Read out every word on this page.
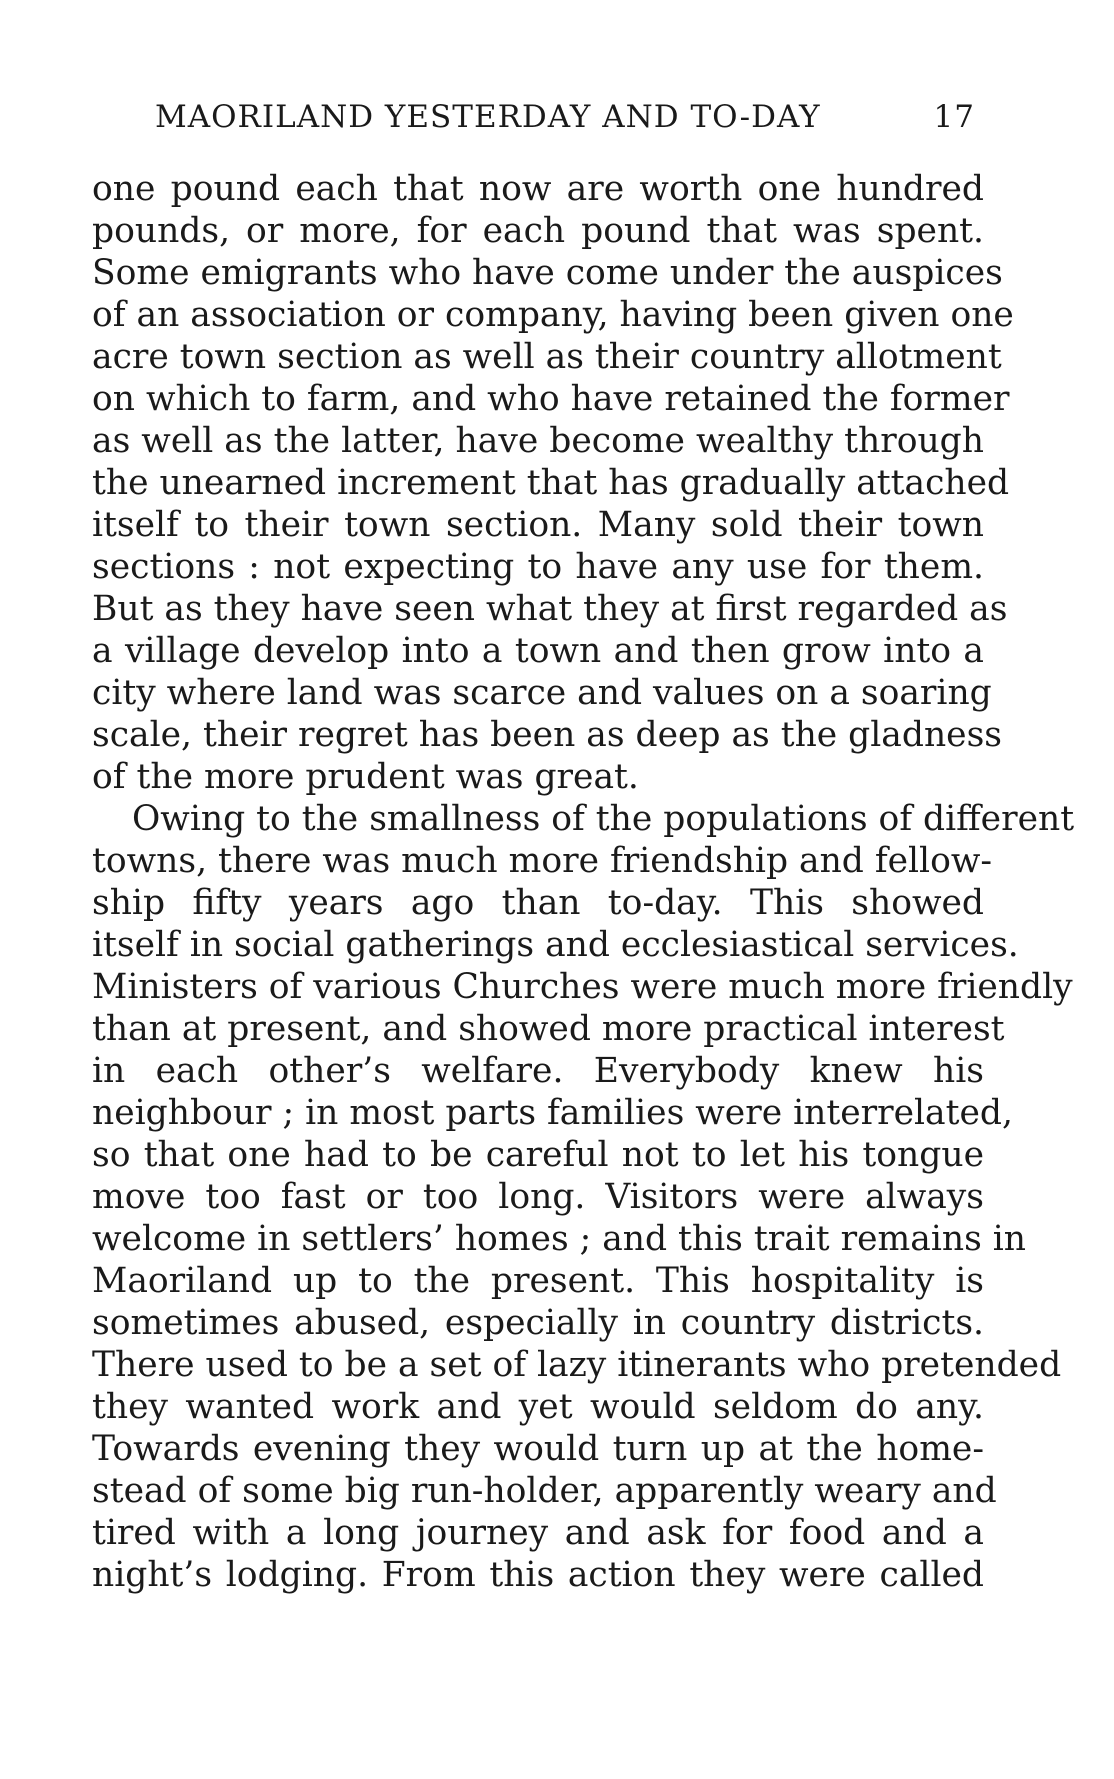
MAORILAND YESTERDAY AND TO-DAY	17
one pound each that now are worth one hundred
pounds, or more, for each pound that was spent.
Some emigrants who have come under the auspices
of an association or company, having been given one
acre town section as well as their country allotment
on which to farm, and who have retained the former
as well as the latter, have become wealthy through
the unearned increment that has gradually attached
itself to their town section. Many sold their town
sections : not expecting to have any use for them.
But as they have seen what they at first regarded as
a village develop into a town and then grow into a
city where land was scarce and values on a soaring
scale, their regret has been as deep as the gladness
of the more prudent was great.
Owing to the smallness of the populations of different
towns, there was much more friendship and fellow-
ship fifty years ago than to-day. This showed
itself in social gatherings and ecclesiastical services.
Ministers of various Churches were much more friendly
than at present, and showed more practical interest
in each other’s welfare. Everybody knew his
neighbour ; in most parts families were interrelated,
so that one had to be careful not to let his tongue
move too fast or too long. Visitors were always
welcome in settlers’ homes ; and this trait remains in
Maoriland up to the present. This hospitality is
sometimes abused, especially in country districts.
There used to be a set of lazy itinerants who pretended
they wanted work and yet would seldom do any.
Towards evening they would turn up at the home-
stead of some big run-holder, apparently weary and
tired with a long journey and ask for food and a
night’s lodging. From this action they were called
